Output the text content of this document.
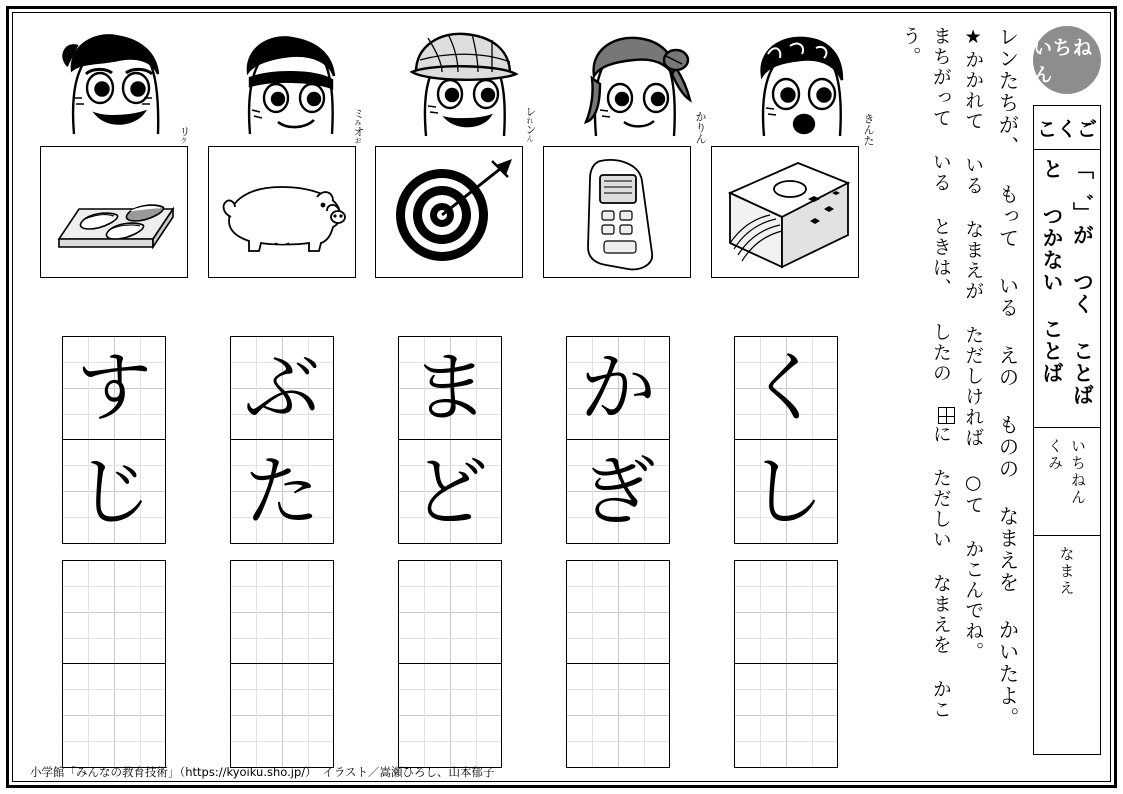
いちねん
こくご
「゛」が つく ことばと つかない ことば
くみ いちねん
なまえ
まちがって いる ときは、 したの に ただしい なまえを かこう。	★かかれて いる なまえが ただしければ ○て かこんでね。 レンたちが、 もって いる えの ものの なまえを かいたよ。
リク
ミみオお
レれンん	かりん	きんた
す
じ
ぶ
た
ま
ど
か
ぎ
く
し
小学館「みんなの教育技術」（https://kyoiku.sho.jp/）　イラスト／嵩瀬ひろし、山本郁子
